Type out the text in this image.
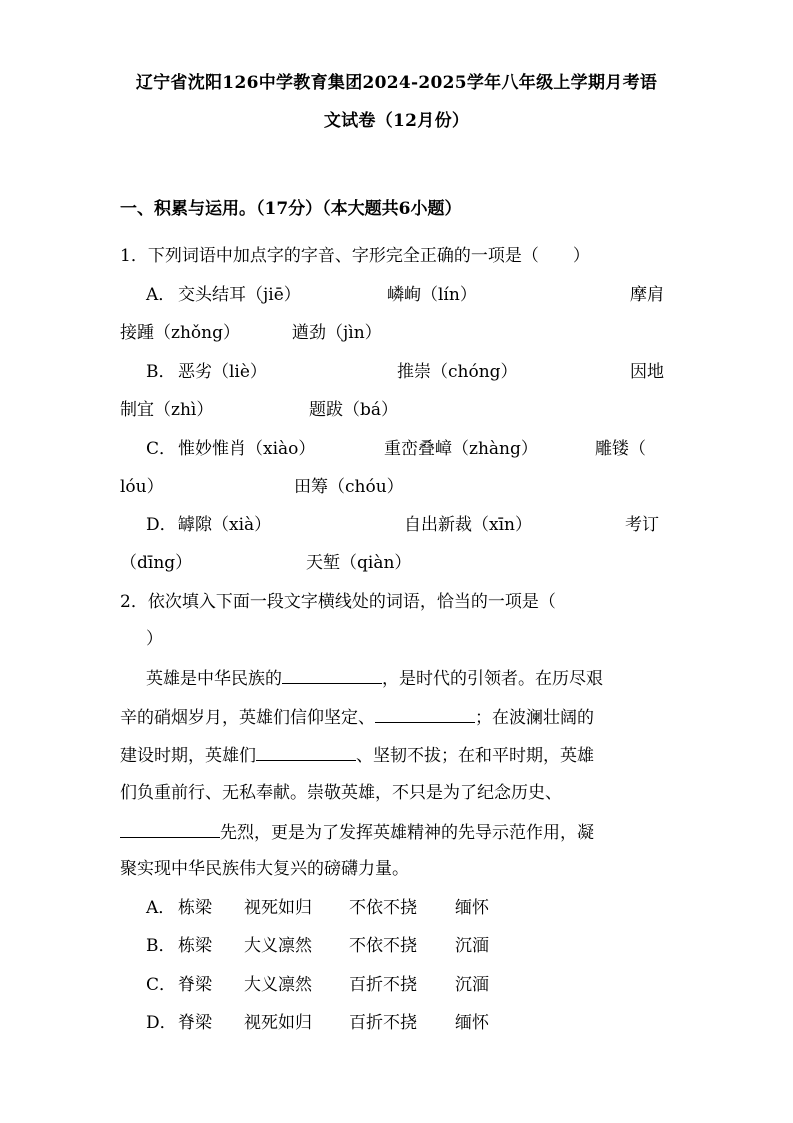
辽宁省沈阳126中学教育集团2024-2025学年八年级上学期月考语
文试卷（12月份）
一、积累与运用。（17分）（本大题共6小题）
1．下列词语中加点字的字音、字形完全正确的一项是（　　）
A． 交头结耳（jiē）	嶙峋（lín）	摩肩
接踵（zhǒng）	遒劲（jìn）
B． 恶劣（liè）	推崇（chóng）	因地
制宜（zhì）	题跋（bá）
C． 惟妙惟肖（xiào）	重峦叠嶂（zhàng）	雕镂（
lóu）	田筹（chóu）
D． 罅隙（xià）	自出新裁（xīn）	考订
（dīng）	天堑（qiàn）
2．依次填入下面一段文字横线处的词语，恰当的一项是（
）
英雄是中华民族的	，是时代的引领者。在历尽艰
辛的硝烟岁月，英雄们信仰坚定、	；在波澜壮阔的
建设时期，英雄们	、坚韧不拔；在和平时期，英雄
们负重前行、无私奉献。崇敬英雄，不只是为了纪念历史、
先烈，更是为了发挥英雄精神的先导示范作用，凝
聚实现中华民族伟大复兴的磅礴力量。
A． 栋梁 视死如归 不依不挠 缅怀
B． 栋梁 大义凛然 不依不挠 沉湎
C． 脊梁 大义凛然 百折不挠 沉湎
D． 脊梁 视死如归 百折不挠 缅怀
